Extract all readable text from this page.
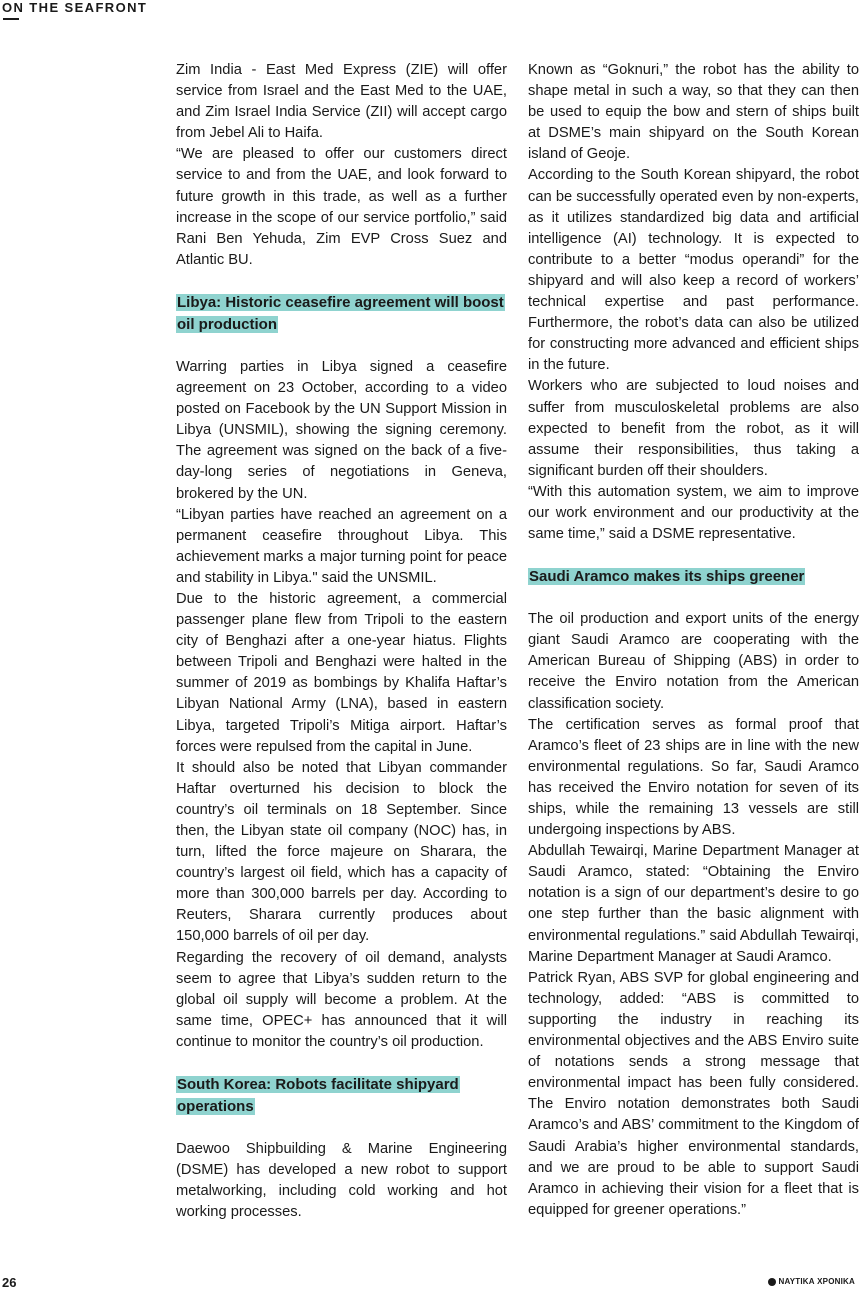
ON THE SEAFRONT

Zim India - East Med Express (ZIE) will offer service from Israel and the East Med to the UAE, and Zim Israel India Service (ZII) will accept cargo from Jebel Ali to Haifa.

“We are pleased to offer our customers direct service to and from the UAE, and look forward to future growth in this trade, as well as a further increase in the scope of our service portfolio,” said Rani Ben Yehuda, Zim EVP Cross Suez and Atlantic BU.

Libya: Historic ceasefire agreement will boost oil production

Warring parties in Libya signed a ceasefire agreement on 23 October, according to a video posted on Facebook by the UN Support Mission in Libya (UNSMIL), showing the signing ceremony. The agreement was signed on the back of a five-day-long series of negotiations in Geneva, brokered by the UN.

“Libyan parties have reached an agreement on a permanent ceasefire throughout Libya. This achievement marks a major turning point for peace and stability in Libya." said the UNSMIL.

Due to the historic agreement, a commercial passenger plane flew from Tripoli to the eastern city of Benghazi after a one-year hiatus. Flights between Tripoli and Benghazi were halted in the summer of 2019 as bombings by Khalifa Haftar’s Libyan National Army (LNA), based in eastern Libya, targeted Tripoli’s Mitiga airport. Haftar’s forces were repulsed from the capital in June.

It should also be noted that Libyan commander Haftar overturned his decision to block the country’s oil terminals on 18 September. Since then, the Libyan state oil company (NOC) has, in turn, lifted the force majeure on Sharara, the country’s largest oil field, which has a capacity of more than 300,000 barrels per day. According to Reuters, Sharara currently produces about 150,000 barrels of oil per day.

Regarding the recovery of oil demand, analysts seem to agree that Libya’s sudden return to the global oil supply will become a problem. At the same time, OPEC+ has announced that it will continue to monitor the country’s oil production.

South Korea: Robots facilitate shipyard operations

Daewoo Shipbuilding & Marine Engineering (DSME) has developed a new robot to support metalworking, including cold working and hot working processes.

Known as “Goknuri,” the robot has the ability to shape metal in such a way, so that they can then be used to equip the bow and stern of ships built at DSME’s main shipyard on the South Korean island of Geoje.

According to the South Korean shipyard, the robot can be successfully operated even by non-experts, as it utilizes standardized big data and artificial intelligence (AI) technology. It is expected to contribute to a better “modus operandi” for the shipyard and will also keep a record of workers’ technical expertise and past performance. Furthermore, the robot’s data can also be utilized for constructing more advanced and efficient ships in the future.

Workers who are subjected to loud noises and suffer from musculoskeletal problems are also expected to benefit from the robot, as it will assume their responsibilities, thus taking a significant burden off their shoulders.

“With this automation system, we aim to improve our work environment and our productivity at the same time,” said a DSME representative.

Saudi Aramco makes its ships greener

The oil production and export units of the energy giant Saudi Aramco are cooperating with the American Bureau of Shipping (ABS) in order to receive the Enviro notation from the American classification society.

The certification serves as formal proof that Aramco’s fleet of 23 ships are in line with the new environmental regulations. So far, Saudi Aramco has received the Enviro notation for seven of its ships, while the remaining 13 vessels are still undergoing inspections by ABS.

Abdullah Tewairqi, Marine Department Manager at Saudi Aramco, stated: “Obtaining the Enviro notation is a sign of our department’s desire to go one step further than the basic alignment with environmental regulations.” said Abdullah Tewairqi, Marine Department Manager at Saudi Aramco.

Patrick Ryan, ABS SVP for global engineering and technology, added: “ABS is committed to supporting the industry in reaching its environmental objectives and the ABS Enviro suite of notations sends a strong message that environmental impact has been fully considered. The Enviro notation demonstrates both Saudi Aramco’s and ABS’ commitment to the Kingdom of Saudi Arabia’s higher environmental standards, and we are proud to be able to support Saudi Aramco in achieving their vision for a fleet that is equipped for greener operations.”

26	ΝΑΥΤΙΚΑ ΧΡΟΝΙΚΑ
